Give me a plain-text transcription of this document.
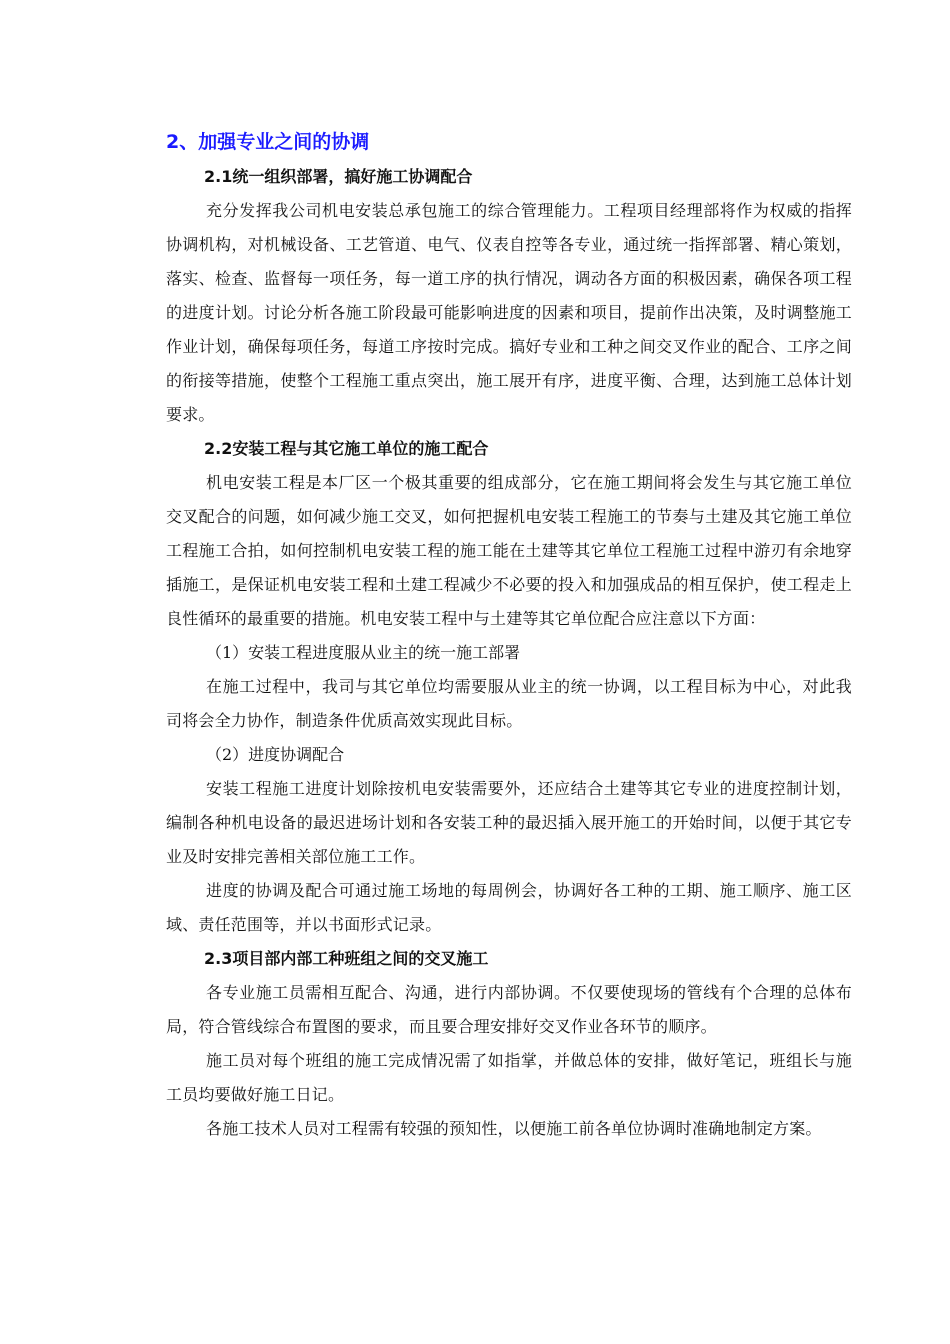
2、加强专业之间的协调
2.1统一组织部署，搞好施工协调配合

充分发挥我公司机电安装总承包施工的综合管理能力。工程项目经理部将作为权威的指挥协调机构，对机械设备、工艺管道、电气、仪表自控等各专业，通过统一指挥部署、精心策划，落实、检查、监督每一项任务，每一道工序的执行情况，调动各方面的积极因素，确保各项工程的进度计划。讨论分析各施工阶段最可能影响进度的因素和项目，提前作出决策，及时调整施工作业计划，确保每项任务，每道工序按时完成。搞好专业和工种之间交叉作业的配合、工序之间的衔接等措施，使整个工程施工重点突出，施工展开有序，进度平衡、合理，达到施工总体计划要求。

2.2安装工程与其它施工单位的施工配合

机电安装工程是本厂区一个极其重要的组成部分，它在施工期间将会发生与其它施工单位交叉配合的问题，如何减少施工交叉，如何把握机电安装工程施工的节奏与土建及其它施工单位工程施工合拍，如何控制机电安装工程的施工能在土建等其它单位工程施工过程中游刃有余地穿插施工，是保证机电安装工程和土建工程减少不必要的投入和加强成品的相互保护，使工程走上良性循环的最重要的措施。机电安装工程中与土建等其它单位配合应注意以下方面：

（1）安装工程进度服从业主的统一施工部署

在施工过程中，我司与其它单位均需要服从业主的统一协调，以工程目标为中心，对此我司将会全力协作，制造条件优质高效实现此目标。

（2）进度协调配合

安装工程施工进度计划除按机电安装需要外，还应结合土建等其它专业的进度控制计划，编制各种机电设备的最迟进场计划和各安装工种的最迟插入展开施工的开始时间，以便于其它专业及时安排完善相关部位施工工作。

进度的协调及配合可通过施工场地的每周例会，协调好各工种的工期、施工顺序、施工区域、责任范围等，并以书面形式记录。

2.3项目部内部工种班组之间的交叉施工

各专业施工员需相互配合、沟通，进行内部协调。不仅要使现场的管线有个合理的总体布局，符合管线综合布置图的要求，而且要合理安排好交叉作业各环节的顺序。

施工员对每个班组的施工完成情况需了如指掌，并做总体的安排，做好笔记，班组长与施工员均要做好施工日记。

各施工技术人员对工程需有较强的预知性，以便施工前各单位协调时准确地制定方案。
